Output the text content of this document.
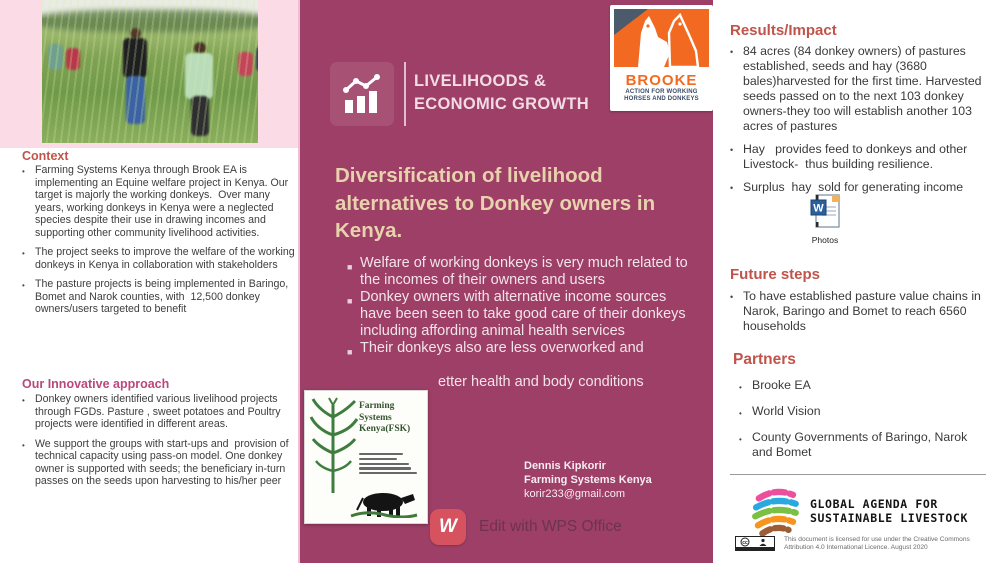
Context
• Farming Systems Kenya through Brook EA is implementing an Equine welfare project in Kenya. Our target is majorly the working donkeys.  Over many years, working donkeys in Kenya were a neglected species despite their use in drawing incomes and supporting other community livelihood activities.
• The project seeks to improve the welfare of the working donkeys in Kenya in collaboration with stakeholders
• The pasture projects is being implemented in Baringo, Bomet and Narok counties, with  12,500 donkey owners/users targeted to benefit
Our Innovative approach
• Donkey owners identified various livelihood projects through FGDs. Pasture , sweet potatoes and Poultry projects were identified in different areas.
• We support the groups with start-ups and  provision of technical capacity using pass-on model. One donkey owner is supported with seeds; the beneficiary in-turn passes on the seeds upon harvesting to his/her peer
LIVELIHOODS &
ECONOMIC GROWTH
BROOKE
ACTION FOR WORKING
HORSES AND DONKEYS
Diversification of livelihood alternatives to Donkey owners in Kenya.
■ Welfare of working donkeys is very much related to the incomes of their owners and users
■ Donkey owners with alternative income sources have been seen to take good care of their donkeys including affording animal health services
■ Their donkeys also are less overworked and

etter health and body conditions

Farming
Systems
Kenya(FSK)
Dennis Kipkorir
Farming Systems Kenya
korir233@gmail.com
W	Edit with WPS Office
Results/Impact
• 84 acres (84 donkey owners) of pastures established, seeds and hay (3680 bales)harvested for the first time. Harvested seeds passed on to the next 103 donkey owners-they too will establish another 103 acres of pastures
• Hay   provides feed to donkeys and other Livestock-  thus building resilience.
• Surplus  hay  sold for generating income
W
Photos
Future steps
• To have established pasture value chains in Narok, Baringo and Bomet to reach 6560 households
Partners
• Brooke EA
• World Vision
• County Governments of Baringo, Narok and Bomet
GLOBAL AGENDA FOR
SUSTAINABLE LIVESTOCK
cc
This document is licensed for use under the Creative Commons Attribution 4.0 International Licence. August 2020
